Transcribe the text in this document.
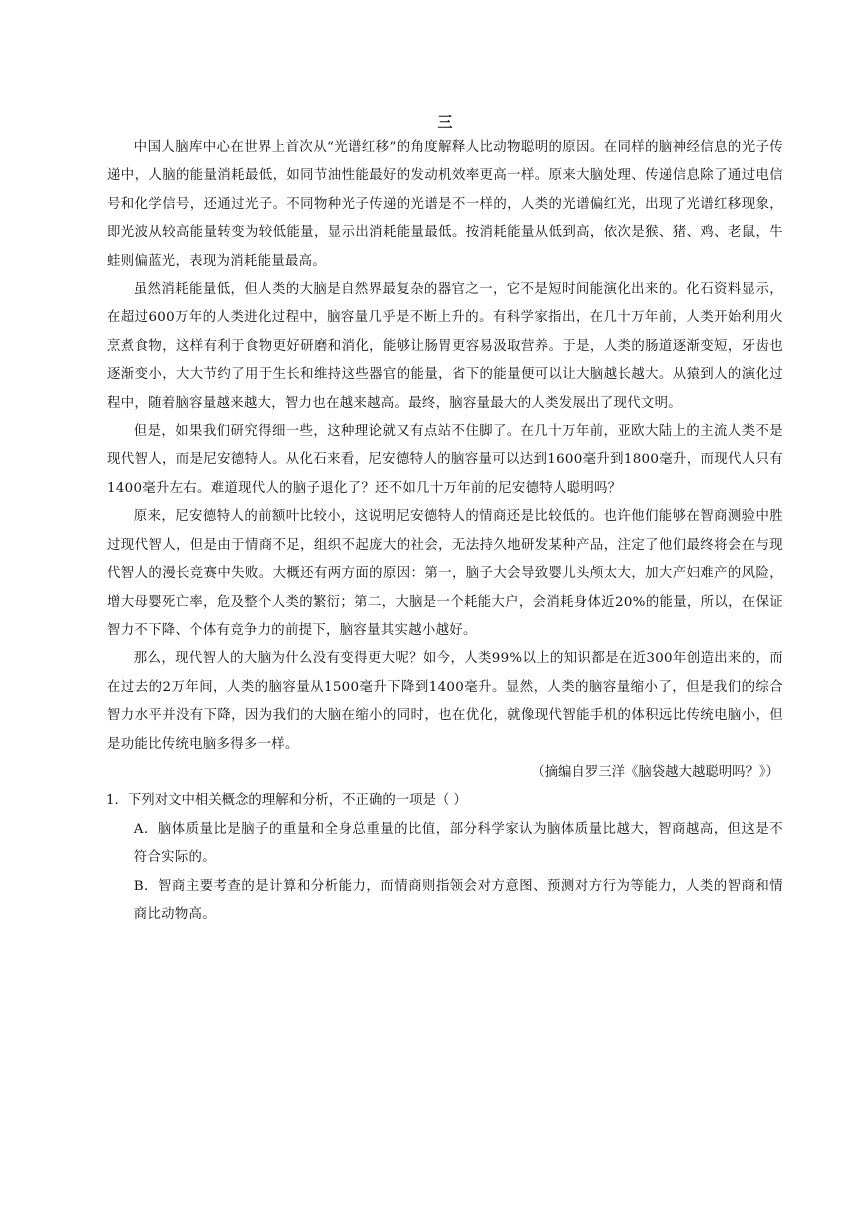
三

中国人脑库中心在世界上首次从“光谱红移”的角度解释人比动物聪明的原因。在同样的脑神经信息的光子传递中，人脑的能量消耗最低，如同节油性能最好的发动机效率更高一样。原来大脑处理、传递信息除了通过电信号和化学信号，还通过光子。不同物种光子传递的光谱是不一样的，人类的光谱偏红光，出现了光谱红移现象，即光波从较高能量转变为较低能量，显示出消耗能量最低。按消耗能量从低到高，依次是猴、猪、鸡、老鼠，牛蛙则偏蓝光，表现为消耗能量最高。

虽然消耗能量低，但人类的大脑是自然界最复杂的器官之一，它不是短时间能演化出来的。化石资料显示，在超过600万年的人类进化过程中，脑容量几乎是不断上升的。有科学家指出，在几十万年前，人类开始利用火烹煮食物，这样有利于食物更好研磨和消化，能够让肠胃更容易汲取营养。于是，人类的肠道逐渐变短，牙齿也逐渐变小，大大节约了用于生长和维持这些器官的能量，省下的能量便可以让大脑越长越大。从猿到人的演化过程中，随着脑容量越来越大，智力也在越来越高。最终，脑容量最大的人类发展出了现代文明。

但是，如果我们研究得细一些，这种理论就又有点站不住脚了。在几十万年前，亚欧大陆上的主流人类不是现代智人，而是尼安德特人。从化石来看，尼安德特人的脑容量可以达到1600毫升到1800毫升，而现代人只有1400毫升左右。难道现代人的脑子退化了？还不如几十万年前的尼安德特人聪明吗？

原来，尼安德特人的前额叶比较小，这说明尼安德特人的情商还是比较低的。也许他们能够在智商测验中胜过现代智人，但是由于情商不足，组织不起庞大的社会，无法持久地研发某种产品，注定了他们最终将会在与现代智人的漫长竞赛中失败。大概还有两方面的原因：第一，脑子大会导致婴儿头颅太大，加大产妇难产的风险，增大母婴死亡率，危及整个人类的繁衍；第二，大脑是一个耗能大户，会消耗身体近20%的能量，所以，在保证智力不下降、个体有竞争力的前提下，脑容量其实越小越好。

那么，现代智人的大脑为什么没有变得更大呢？如今，人类99%以上的知识都是在近300年创造出来的，而在过去的2万年间，人类的脑容量从1500毫升下降到1400毫升。显然，人类的脑容量缩小了，但是我们的综合智力水平并没有下降，因为我们的大脑在缩小的同时，也在优化，就像现代智能手机的体积远比传统电脑小，但是功能比传统电脑多得多一样。

（摘编自罗三洋《脑袋越大越聪明吗？》）

1．下列对文中相关概念的理解和分析，不正确的一项是（ ）

A．脑体质量比是脑子的重量和全身总重量的比值，部分科学家认为脑体质量比越大，智商越高，但这是不符合实际的。

B．智商主要考查的是计算和分析能力，而情商则指领会对方意图、预测对方行为等能力，人类的智商和情商比动物高。
